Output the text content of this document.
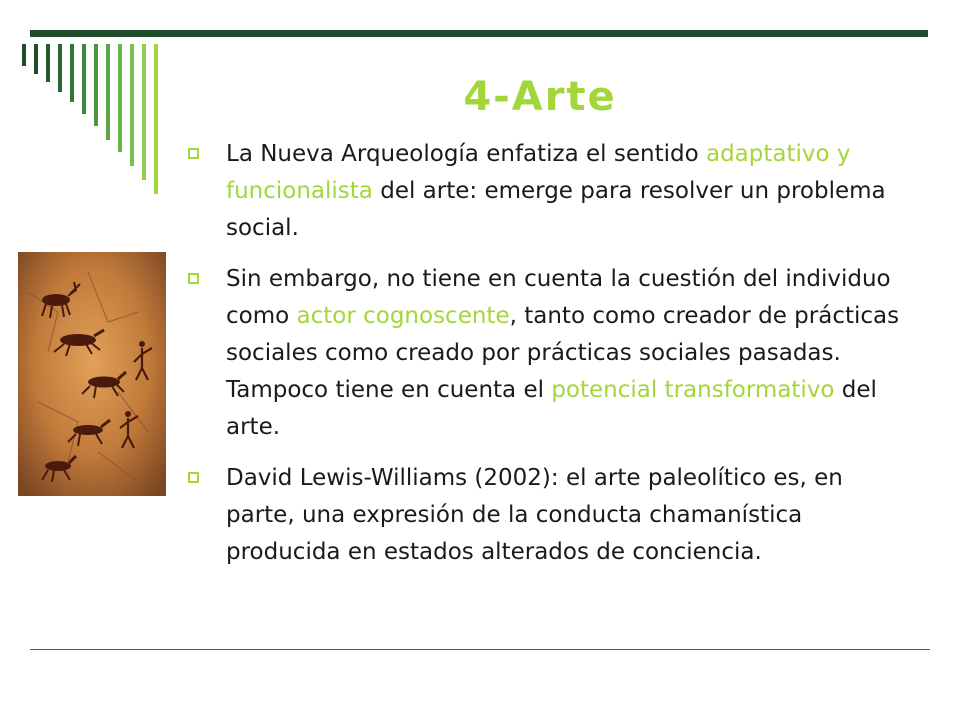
4-Arte
La Nueva Arqueología enfatiza el sentido adaptativo y funcionalista del arte: emerge para resolver un problema social.
Sin embargo, no tiene en cuenta la cuestión del individuo como actor cognoscente, tanto como creador de prácticas sociales como creado por prácticas sociales pasadas. Tampoco tiene en cuenta el potencial transformativo del arte.
David Lewis-Williams (2002): el arte paleolítico es, en parte, una expresión de la conducta chamanística producida en estados alterados de conciencia.
